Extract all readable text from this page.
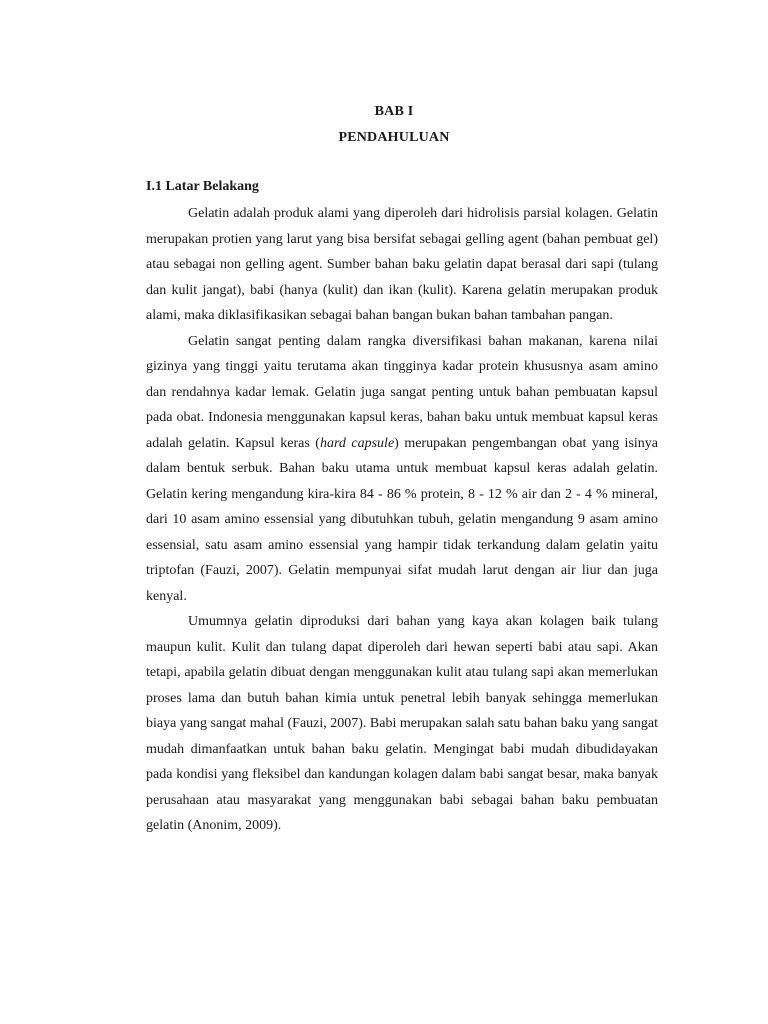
BAB I
PENDAHULUAN
I.1 Latar Belakang

Gelatin adalah produk alami yang diperoleh dari hidrolisis parsial kolagen. Gelatin merupakan protien yang larut yang bisa bersifat sebagai gelling agent (bahan pembuat gel) atau sebagai non gelling agent. Sumber bahan baku gelatin dapat berasal dari sapi (tulang dan kulit jangat), babi (hanya (kulit) dan ikan (kulit). Karena gelatin merupakan produk alami, maka diklasifikasikan sebagai bahan bangan bukan bahan tambahan pangan.

Gelatin sangat penting dalam rangka diversifikasi bahan makanan, karena nilai gizinya yang tinggi yaitu terutama akan tingginya kadar protein khususnya asam amino dan rendahnya kadar lemak. Gelatin juga sangat penting untuk bahan pembuatan kapsul pada obat. Indonesia menggunakan kapsul keras, bahan baku untuk membuat kapsul keras adalah gelatin. Kapsul keras (hard capsule) merupakan pengembangan obat yang isinya dalam bentuk serbuk. Bahan baku utama untuk membuat kapsul keras adalah gelatin. Gelatin kering mengandung kira-kira 84 - 86 % protein, 8 - 12 % air dan 2 - 4 % mineral, dari 10 asam amino essensial yang dibutuhkan tubuh, gelatin mengandung 9 asam amino essensial, satu asam amino essensial yang hampir tidak terkandung dalam gelatin yaitu triptofan (Fauzi, 2007). Gelatin mempunyai sifat mudah larut dengan air liur dan juga kenyal.

Umumnya gelatin diproduksi dari bahan yang kaya akan kolagen baik tulang maupun kulit. Kulit dan tulang dapat diperoleh dari hewan seperti babi atau sapi. Akan tetapi, apabila gelatin dibuat dengan menggunakan kulit atau tulang sapi akan memerlukan proses lama dan butuh bahan kimia untuk penetral lebih banyak sehingga memerlukan biaya yang sangat mahal (Fauzi, 2007). Babi merupakan salah satu bahan baku yang sangat mudah dimanfaatkan untuk bahan baku gelatin. Mengingat babi mudah dibudidayakan pada kondisi yang fleksibel dan kandungan kolagen dalam babi sangat besar, maka banyak perusahaan atau masyarakat yang menggunakan babi sebagai bahan baku pembuatan gelatin (Anonim, 2009).
